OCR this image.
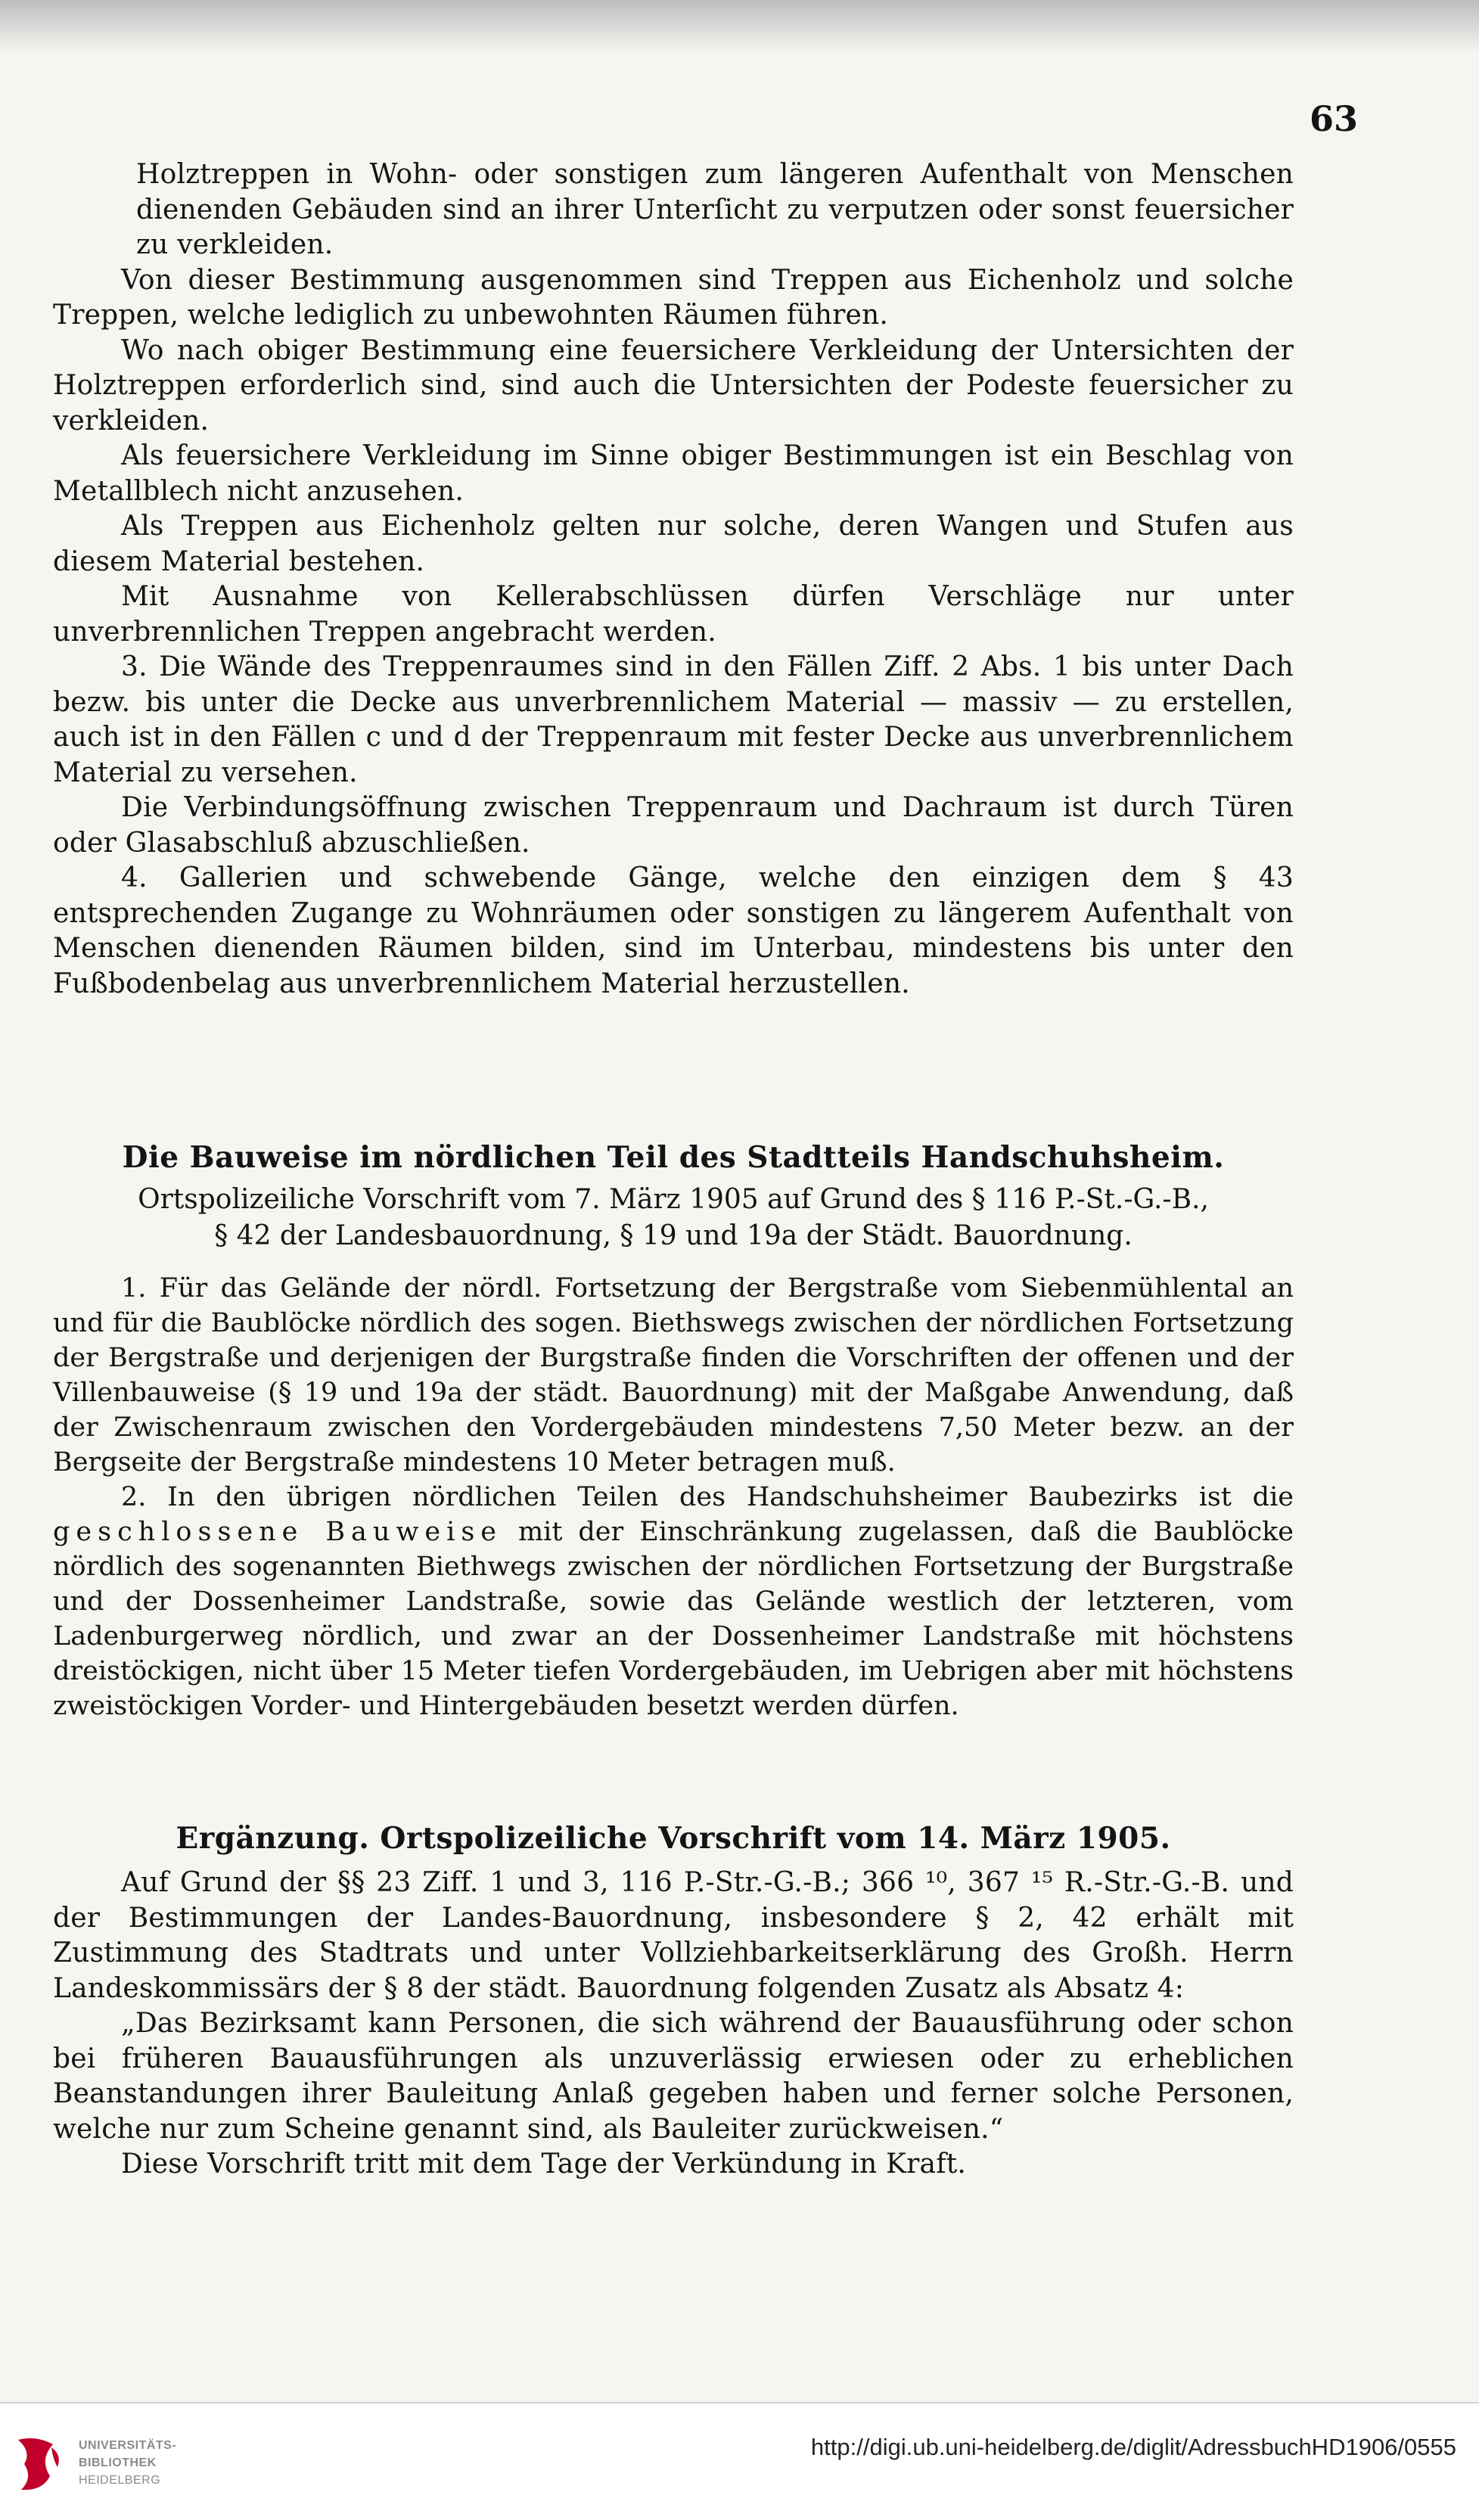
63

Holztreppen in Wohn- oder sonstigen zum längeren Aufenthalt von Menschen dienenden Gebäuden sind an ihrer Unterſicht zu verputzen oder sonst feuersicher zu verkleiden.

Von dieser Bestimmung ausgenommen sind Treppen aus Eichenholz und solche Treppen, welche lediglich zu unbewohnten Räumen führen.

Wo nach obiger Bestimmung eine feuersichere Verkleidung der Untersichten der Holztreppen erforderlich sind, sind auch die Untersichten der Podeste feuersicher zu verkleiden.

Als feuersichere Verkleidung im Sinne obiger Bestimmungen ist ein Beschlag von Metallblech nicht anzusehen.

Als Treppen aus Eichenholz gelten nur solche, deren Wangen und Stufen aus diesem Material bestehen.

Mit Ausnahme von Kellerabschlüssen dürfen Verschläge nur unter unverbrennlichen Treppen angebracht werden.

3. Die Wände des Treppenraumes sind in den Fällen Ziff. 2 Abs. 1 bis unter Dach bezw. bis unter die Decke aus unverbrennlichem Material — massiv — zu erstellen, auch ist in den Fällen c und d der Treppenraum mit fester Decke aus unverbrennlichem Material zu versehen.

Die Verbindungsöffnung zwischen Treppenraum und Dachraum ist durch Türen oder Glasabschluß abzuschließen.

4. Gallerien und schwebende Gänge, welche den einzigen dem § 43 entsprechenden Zugange zu Wohnräumen oder sonstigen zu längerem Aufenthalt von Menschen dienenden Räumen bilden, sind im Unterbau, mindestens bis unter den Fußbodenbelag aus unverbrennlichem Material herzustellen.

Die Bauweise im nördlichen Teil des Stadtteils Handschuhsheim.
Ortspolizeiliche Vorschrift vom 7. März 1905 auf Grund des § 116 P.-St.-G.-B.,
§ 42 der Landesbauordnung, § 19 und 19a der Städt. Bauordnung.

1. Für das Gelände der nördl. Fortsetzung der Bergstraße vom Siebenmühlental an und für die Baublöcke nördlich des sogen. Biethswegs zwischen der nördlichen Fortsetzung der Bergstraße und derjenigen der Burgstraße finden die Vorschriften der offenen und der Villenbauweise (§ 19 und 19a der städt. Bauordnung) mit der Maßgabe Anwendung, daß der Zwischenraum zwischen den Vordergebäuden mindestens 7,50 Meter bezw. an der Bergseite der Bergstraße mindestens 10 Meter betragen muß.

2. In den übrigen nördlichen Teilen des Handschuhsheimer Baubezirks ist die geschlossene Bauweise mit der Einschränkung zugelassen, daß die Baublöcke nördlich des sogenannten Biethwegs zwischen der nördlichen Fortsetzung der Burgstraße und der Dossenheimer Landstraße, sowie das Gelände westlich der letzteren, vom Ladenburgerweg nördlich, und zwar an der Dossenheimer Landstraße mit höchstens dreistöckigen, nicht über 15 Meter tiefen Vordergebäuden, im Uebrigen aber mit höchstens zweistöckigen Vorder- und Hintergebäuden besetzt werden dürfen.

Ergänzung. Ortspolizeiliche Vorschrift vom 14. März 1905.

Auf Grund der §§ 23 Ziff. 1 und 3, 116 P.-Str.-G.-B.; 366 ¹⁰, 367 ¹⁵ R.-Str.-G.-B. und der Bestimmungen der Landes-Bauordnung, insbesondere § 2, 42 erhält mit Zustimmung des Stadtrats und unter Vollziehbarkeitserklärung des Großh. Herrn Landeskommissärs der § 8 der städt. Bauordnung folgenden Zusatz als Absatz 4:

„Das Bezirksamt kann Personen, die sich während der Bauausführung oder schon bei früheren Bauausführungen als unzuverlässig erwiesen oder zu erheblichen Beanstandungen ihrer Bauleitung Anlaß gegeben haben und ferner solche Personen, welche nur zum Scheine genannt sind, als Bauleiter zurückweisen.“

Diese Vorschrift tritt mit dem Tage der Verkündung in Kraft.

UNIVERSITÄTS-
BIBLIOTHEK
HEIDELBERG
http://digi.ub.uni-heidelberg.de/diglit/AdressbuchHD1906/0555
